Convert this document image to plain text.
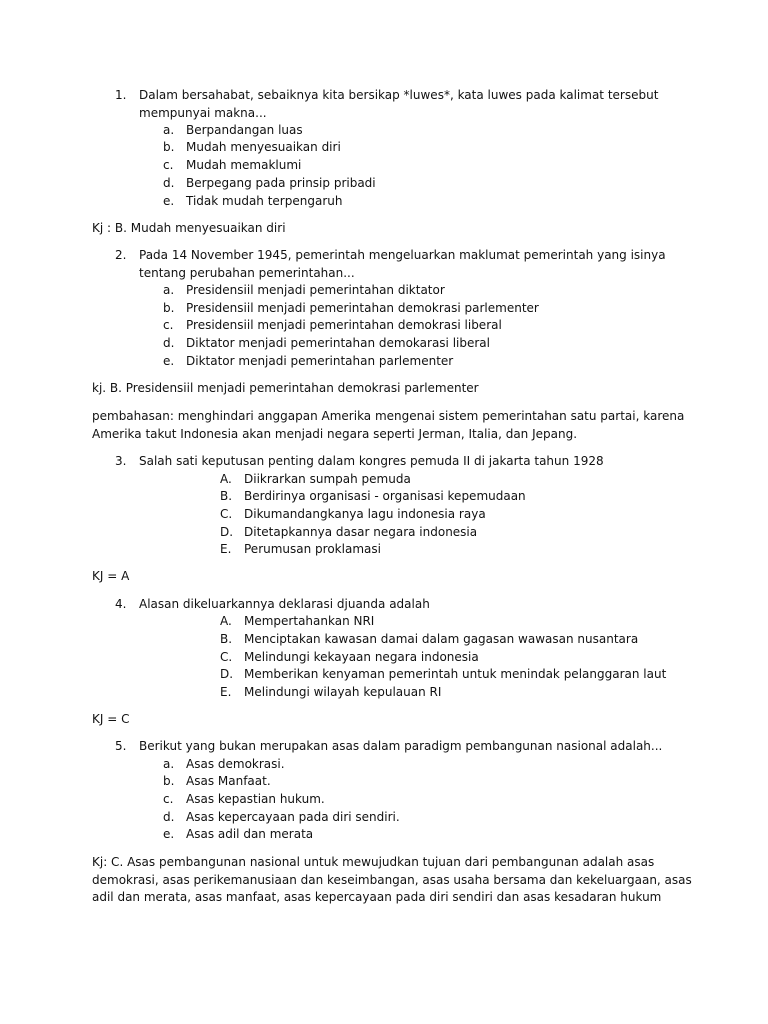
1. Dalam bersahabat, sebaiknya kita bersikap *luwes*, kata luwes pada kalimat tersebut
mempunyai makna...
a. Berpandangan luas
b. Mudah menyesuaikan diri
c. Mudah memaklumi
d. Berpegang pada prinsip pribadi
e. Tidak mudah terpengaruh
Kj : B. Mudah menyesuaikan diri
2. Pada 14 November 1945, pemerintah mengeluarkan maklumat pemerintah yang isinya
tentang perubahan pemerintahan...
a. Presidensiil menjadi pemerintahan diktator
b. Presidensiil menjadi pemerintahan demokrasi parlementer
c. Presidensiil menjadi pemerintahan demokrasi liberal
d. Diktator menjadi pemerintahan demokarasi liberal
e. Diktator menjadi pemerintahan parlementer
kj. B. Presidensiil menjadi pemerintahan demokrasi parlementer
pembahasan: menghindari anggapan Amerika mengenai sistem pemerintahan satu partai, karena
Amerika takut Indonesia akan menjadi negara seperti Jerman, Italia, dan Jepang.
3. Salah sati keputusan penting dalam kongres pemuda II di jakarta tahun 1928
A. Diikrarkan sumpah pemuda
B. Berdirinya organisasi - organisasi kepemudaan
C. Dikumandangkanya lagu indonesia raya
D. Ditetapkannya dasar negara indonesia
E. Perumusan proklamasi
KJ = A
4. Alasan dikeluarkannya deklarasi djuanda adalah
A. Mempertahankan NRI
B. Menciptakan kawasan damai dalam gagasan wawasan nusantara
C. Melindungi kekayaan negara indonesia
D. Memberikan kenyaman pemerintah untuk menindak pelanggaran laut
E. Melindungi wilayah kepulauan RI
KJ = C
5. Berikut yang bukan merupakan asas dalam paradigm pembangunan nasional adalah...
a. Asas demokrasi.
b. Asas Manfaat.
c. Asas kepastian hukum.
d. Asas kepercayaan pada diri sendiri.
e. Asas adil dan merata
Kj: C. Asas pembangunan nasional untuk mewujudkan tujuan dari pembangunan adalah asas
demokrasi, asas perikemanusiaan dan keseimbangan, asas usaha bersama dan kekeluargaan, asas
adil dan merata, asas manfaat, asas kepercayaan pada diri sendiri dan asas kesadaran hukum
